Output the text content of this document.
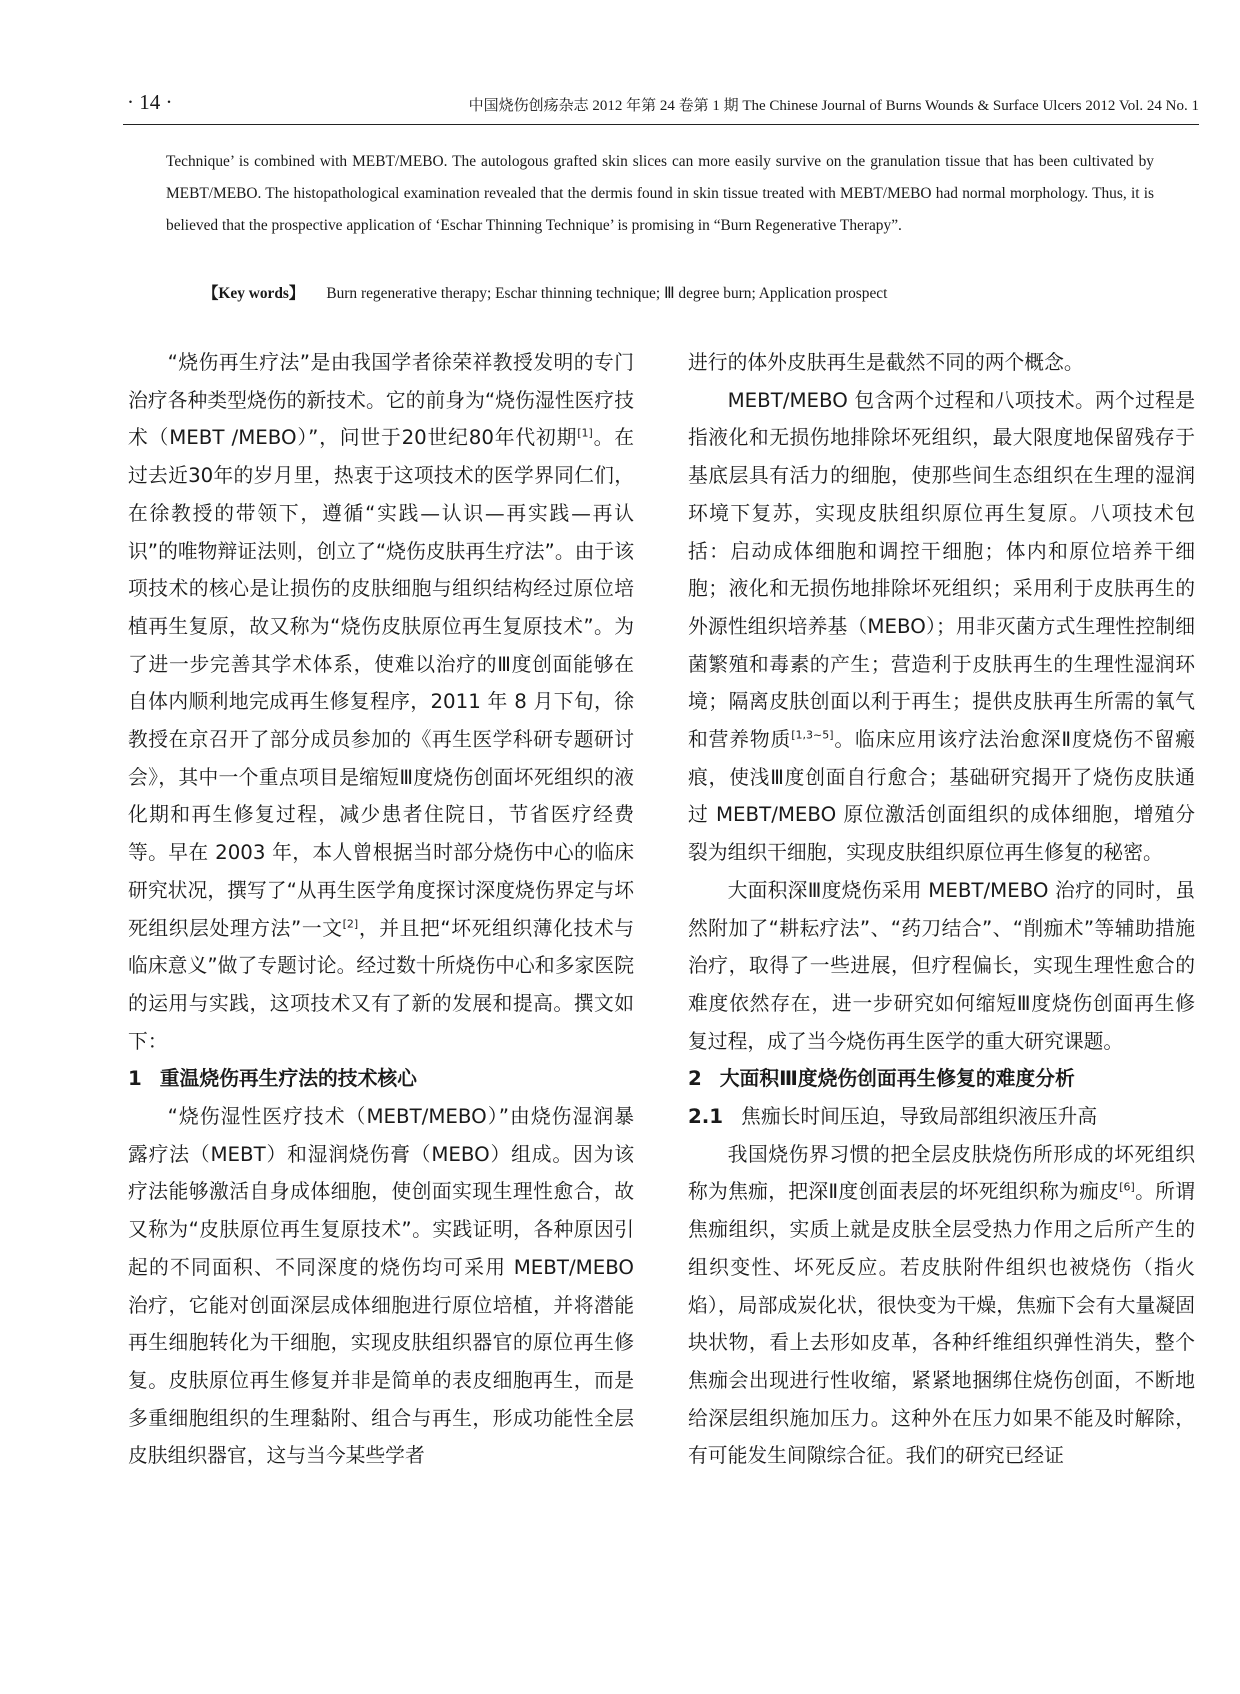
· 14 ·	中国烧伤创疡杂志 2012 年第 24 卷第 1 期 The Chinese Journal of Burns Wounds & Surface Ulcers 2012 Vol. 24 No. 1

Technique’ is combined with MEBT/MEBO. The autologous grafted skin slices can more easily survive on the granulation tissue that has been cultivated by MEBT/MEBO. The histopathological examination revealed that the dermis found in skin tissue treated with MEBT/MEBO had normal morphology. Thus, it is believed that the prospective application of ‘Eschar Thinning Technique’ is promising in “Burn Regenerative Therapy”.

【Key words】 Burn regenerative therapy; Eschar thinning technique; Ⅲ degree burn; Application prospect

“烧伤再生疗法”是由我国学者徐荣祥教授发明的专门治疗各种类型烧伤的新技术。它的前身为“烧伤湿性医疗技术（MEBT /MEBO）”，问世于20世纪80年代初期[1]。在过去近30年的岁月里，热衷于这项技术的医学界同仁们，在徐教授的带领下，遵循“实践—认识—再实践—再认识”的唯物辩证法则，创立了“烧伤皮肤再生疗法”。由于该项技术的核心是让损伤的皮肤细胞与组织结构经过原位培植再生复原，故又称为“烧伤皮肤原位再生复原技术”。为了进一步完善其学术体系，使难以治疗的Ⅲ度创面能够在自体内顺利地完成再生修复程序，2011 年 8 月下旬，徐教授在京召开了部分成员参加的《再生医学科研专题研讨会》，其中一个重点项目是缩短Ⅲ度烧伤创面坏死组织的液化期和再生修复过程，减少患者住院日，节省医疗经费等。早在 2003 年，本人曾根据当时部分烧伤中心的临床研究状况，撰写了“从再生医学角度探讨深度烧伤界定与坏死组织层处理方法”一文[2]，并且把“坏死组织薄化技术与临床意义”做了专题讨论。经过数十所烧伤中心和多家医院的运用与实践，这项技术又有了新的发展和提高。撰文如下：

1 重温烧伤再生疗法的技术核心

“烧伤湿性医疗技术（MEBT/MEBO）”由烧伤湿润暴露疗法（MEBT）和湿润烧伤膏（MEBO）组成。因为该疗法能够激活自身成体细胞，使创面实现生理性愈合，故又称为“皮肤原位再生复原技术”。实践证明，各种原因引起的不同面积、不同深度的烧伤均可采用 MEBT/MEBO 治疗，它能对创面深层成体细胞进行原位培植，并将潜能再生细胞转化为干细胞，实现皮肤组织器官的原位再生修复。皮肤原位再生修复并非是简单的表皮细胞再生，而是多重细胞组织的生理黏附、组合与再生，形成功能性全层皮肤组织器官，这与当今某些学者

进行的体外皮肤再生是截然不同的两个概念。

MEBT/MEBO 包含两个过程和八项技术。两个过程是指液化和无损伤地排除坏死组织，最大限度地保留残存于基底层具有活力的细胞，使那些间生态组织在生理的湿润环境下复苏，实现皮肤组织原位再生复原。八项技术包括：启动成体细胞和调控干细胞；体内和原位培养干细胞；液化和无损伤地排除坏死组织；采用利于皮肤再生的外源性组织培养基（MEBO）；用非灭菌方式生理性控制细菌繁殖和毒素的产生；营造利于皮肤再生的生理性湿润环境；隔离皮肤创面以利于再生；提供皮肤再生所需的氧气和营养物质[1,3~5]。临床应用该疗法治愈深Ⅱ度烧伤不留瘢痕，使浅Ⅲ度创面自行愈合；基础研究揭开了烧伤皮肤通过 MEBT/MEBO 原位激活创面组织的成体细胞，增殖分裂为组织干细胞，实现皮肤组织原位再生修复的秘密。

大面积深Ⅲ度烧伤采用 MEBT/MEBO 治疗的同时，虽然附加了“耕耘疗法”、“药刀结合”、“削痂术”等辅助措施治疗，取得了一些进展，但疗程偏长，实现生理性愈合的难度依然存在，进一步研究如何缩短Ⅲ度烧伤创面再生修复过程，成了当今烧伤再生医学的重大研究课题。

2 大面积Ⅲ度烧伤创面再生修复的难度分析
2.1 焦痂长时间压迫，导致局部组织液压升高

我国烧伤界习惯的把全层皮肤烧伤所形成的坏死组织称为焦痂，把深Ⅱ度创面表层的坏死组织称为痂皮[6]。所谓焦痂组织，实质上就是皮肤全层受热力作用之后所产生的组织变性、坏死反应。若皮肤附件组织也被烧伤（指火焰），局部成炭化状，很快变为干燥，焦痂下会有大量凝固块状物，看上去形如皮革，各种纤维组织弹性消失，整个焦痂会出现进行性收缩，紧紧地捆绑住烧伤创面，不断地给深层组织施加压力。这种外在压力如果不能及时解除，有可能发生间隙综合征。我们的研究已经证
